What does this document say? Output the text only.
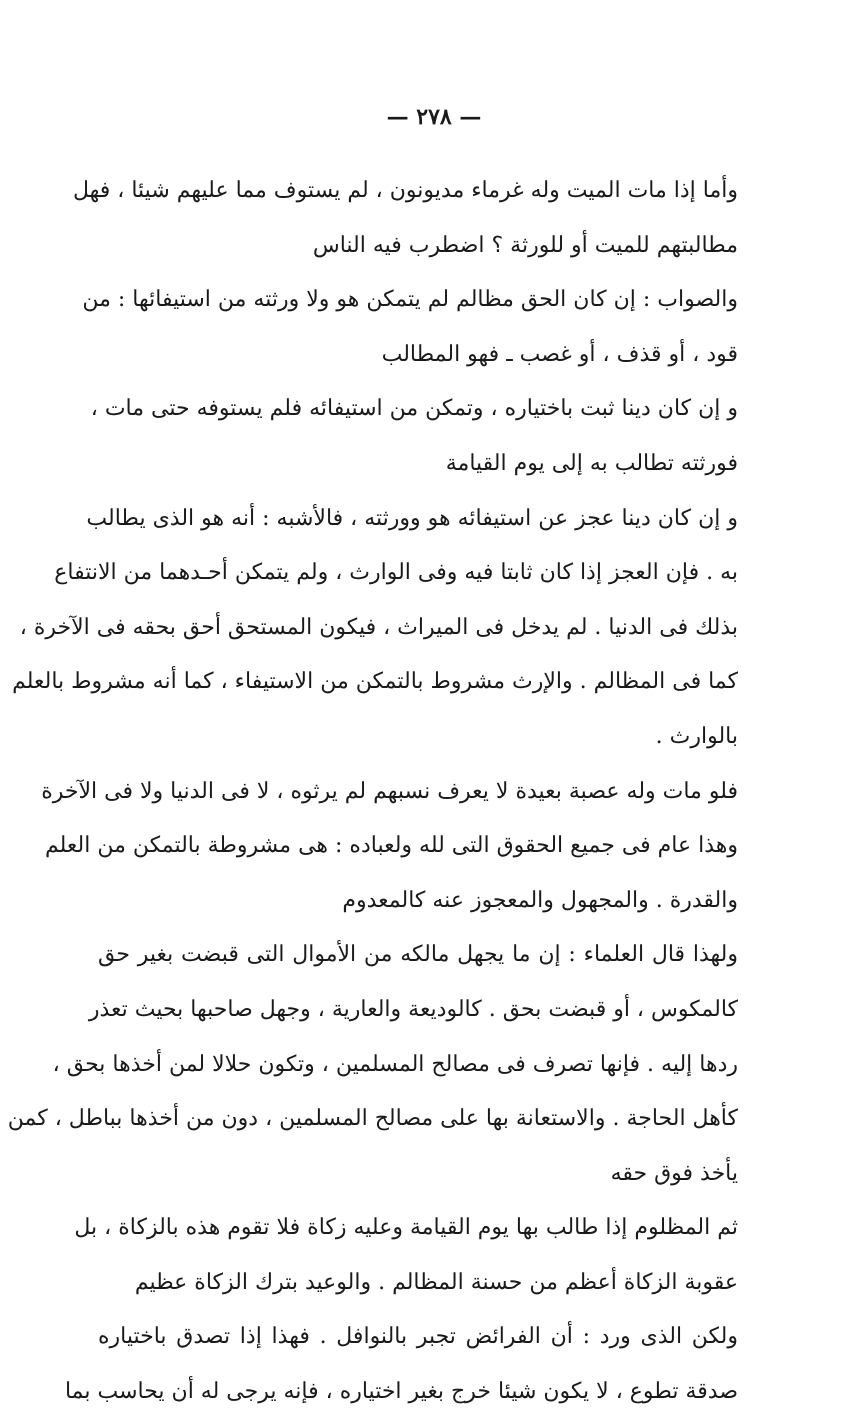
— ٢٧٨ —
وأما إذا مات الميت وله غرماء مديونون ، لم يستوف مما عليهم شيئا ، فهل
مطالبتهم للميت أو للورثة ؟ اضطرب فيه الناس
والصواب : إن كان الحق مظالم لم يتمكن هو ولا ورثته من استيفائها : من
قود ، أو قذف ، أو غصب ـ فهو المطالب
و إن كان دينا ثبت باختياره ، وتمكن من استيفائه فلم يستوفه حتى مات ،
فورثته تطالب به إلى يوم القيامة
و إن كان دينا عجز عن استيفائه هو وورثته ، فالأشبه : أنه هو الذى يطالب
به . فإن العجز إذا كان ثابتا فيه وفى الوارث ، ولم يتمكن أحـدهما من الانتفاع
بذلك فى الدنيا . لم يدخل فى الميراث ، فيكون المستحق أحق بحقه فى الآخرة ،
كما فى المظالم . والإرث مشروط بالتمكن من الاستيفاء ، كما أنه مشروط بالعلم
بالوارث .
فلو مات وله عصبة بعيدة لا يعرف نسبهم لم يرثوه ، لا فى الدنيا ولا فى الآخرة
وهذا عام فى جميع الحقوق التى لله ولعباده : هى مشروطة بالتمكن من العلم
والقدرة . والمجهول والمعجوز عنه كالمعدوم
ولهذا قال العلماء : إن ما يجهل مالكه من الأموال التى قبضت بغير حق
كالمكوس ، أو قبضت بحق . كالوديعة والعارية ، وجهل صاحبها بحيث تعذر
ردها إليه . فإنها تصرف فى مصالح المسلمين ، وتكون حلالا لمن أخذها بحق ،
كأهل الحاجة . والاستعانة بها على مصالح المسلمين ، دون من أخذها بباطل ، كمن
يأخذ فوق حقه
ثم المظلوم إذا طالب بها يوم القيامة وعليه زكاة فلا تقوم هذه بالزكاة ، بل
عقوبة الزكاة أعظم من حسنة المظالم . والوعيد بترك الزكاة عظيم
ولكن الذى ورد : أن الفرائض تجبر بالنوافل . فهذا إذا تصدق باختياره
صدقة تطوع ، لا يكون شيئا خرج بغير اختياره ، فإنه يرجى له أن يحاسب بما
